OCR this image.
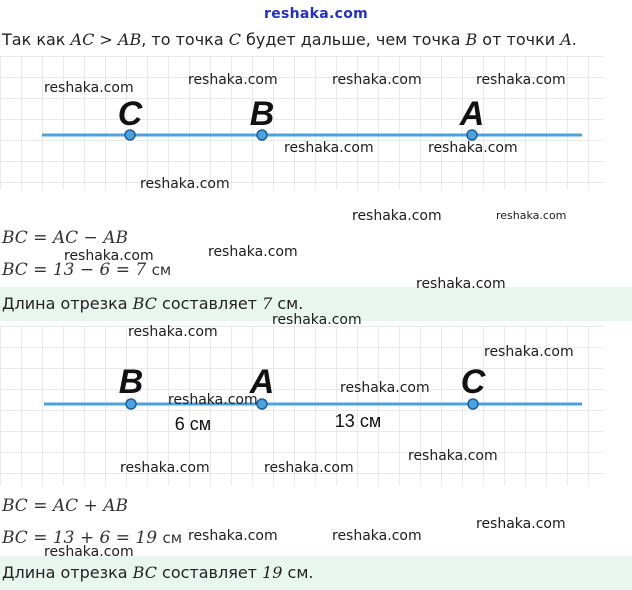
reshaka.com
Так как AC > AB, то точка C будет дальше, чем точка B от точки A.
C	B	A
BC = AC − AB
BC = 13 − 6 = 7 см
Длина отрезка BC составляет 7 см.
B	A	C
6 см	13 см
BC = AC + AB
BC = 13 + 6 = 19 см
Длина отрезка BC составляет 19 см.
reshaka.com	reshaka.com	reshaka.com	reshaka.com
reshaka.com	reshaka.com
reshaka.com
reshaka.com	reshaka.com
reshaka.com
reshaka.com
reshaka.com
reshaka.com
reshaka.com
reshaka.com
reshaka.com
reshaka.com
reshaka.com
reshaka.com	reshaka.com
reshaka.com
reshaka.com	reshaka.com
reshaka.com
